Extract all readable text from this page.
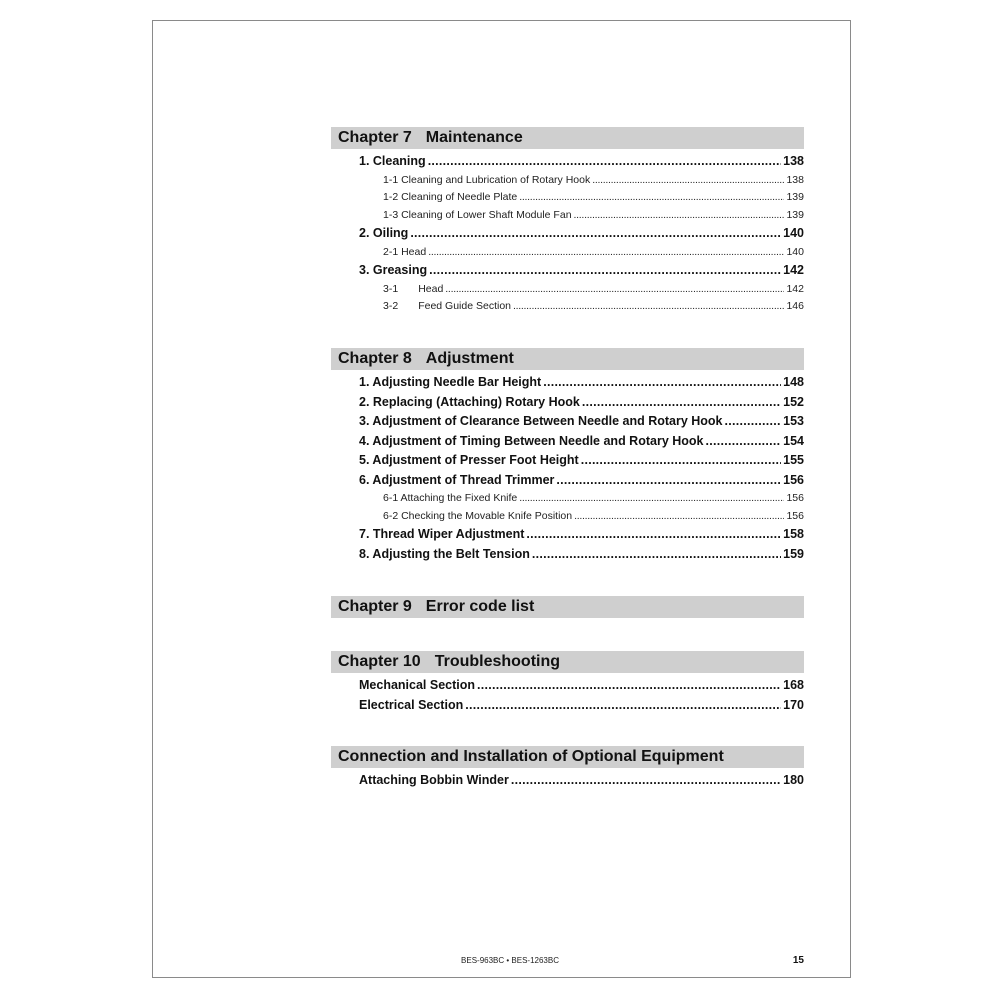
Chapter 7 Maintenance
1. Cleaning . . .	138
1-1 Cleaning and Lubrication of Rotary Hook . . .	138
1-2 Cleaning of Needle Plate . . .	139
1-3 Cleaning of Lower Shaft Module Fan . . .	139
2. Oiling . . .	140
2-1 Head . . .	140
3. Greasing . . .	142
3-1 Head . . .	142
3-2 Feed Guide Section . . .	146
Chapter 8 Adjustment
1. Adjusting Needle Bar Height . . .	148
2. Replacing (Attaching) Rotary Hook . . .	152
3. Adjustment of Clearance Between Needle and Rotary Hook . . .	153
4. Adjustment of Timing Between Needle and Rotary Hook . . .	154
5. Adjustment of Presser Foot Height . . .	155
6. Adjustment of Thread Trimmer . . .	156
6-1 Attaching the Fixed Knife . . .	156
6-2 Checking the Movable Knife Position . . .	156
7. Thread Wiper Adjustment . . .	158
8. Adjusting the Belt Tension . . .	159
Chapter 9 Error code list
Chapter 10 Troubleshooting
Mechanical Section . . .	168
Electrical Section . . .	170
Connection and Installation of Optional Equipment
Attaching Bobbin Winder . . .	180
BES-963BC • BES-1263BC	15
